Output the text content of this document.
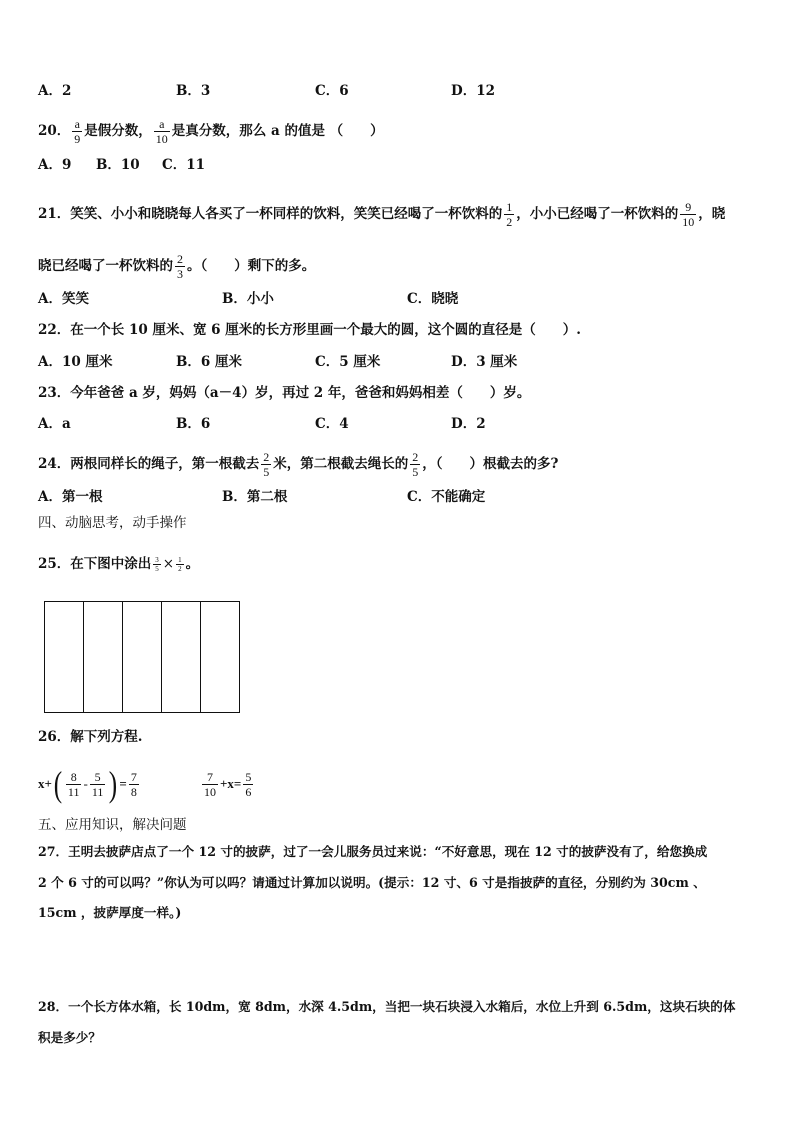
A．2	B．3	C．6	D．12
20． $\frac{a}{9}$ 是假分数， $\frac{a}{10}$ 是真分数，那么 a 的值是 （　　）
A．9 B．10 C．11
21．笑笑、小小和晓晓每人各买了一杯同样的饮料，笑笑已经喝了一杯饮料的 $\frac{1}{2}$ ，小小已经喝了一杯饮料的 $\frac{9}{10}$ ，晓
晓已经喝了一杯饮料的 $\frac{2}{3}$ 。（　　）剩下的多。
A．笑笑	B．小小	C．晓晓
22．在一个长 10 厘米、宽 6 厘米的长方形里画一个最大的圆，这个圆的直径是（　　）.
A．10 厘米	B．6 厘米	C．5 厘米	D．3 厘米
23．今年爸爸 a 岁，妈妈（a－4）岁，再过 2 年，爸爸和妈妈相差（　　）岁。
A．a	B．6	C．4	D．2
24．两根同样长的绳子，第一根截去 $\frac{2}{5}$ 米，第二根截去绳长的 $\frac{2}{5}$ ，（　　）根截去的多?
A．第一根	B．第二根	C．不能确定
四、动脑思考，动手操作
25．在下图中涂出 $\frac{3}{5} \times \frac{1}{2}$ 。
26．解下列方程.
x+ ( $\frac{8}{11} - \frac{5}{11}$ ) = $\frac{7}{8}$	$\frac{7}{10} +x= \frac{5}{6}$
五、应用知识，解决问题
27．王明去披萨店点了一个 12 寸的披萨，过了一会儿服务员过来说：“不好意思，现在 12 寸的披萨没有了，给您换成
2 个 6 寸的可以吗？”你认为可以吗？请通过计算加以说明。(提示：12 寸、6 寸是指披萨的直径，分别约为 30cm 、
15cm ，披萨厚度一样。)
28．一个长方体水箱，长 10dm，宽 8dm，水深 4.5dm，当把一块石块浸入水箱后，水位上升到 6.5dm，这块石块的体
积是多少？
